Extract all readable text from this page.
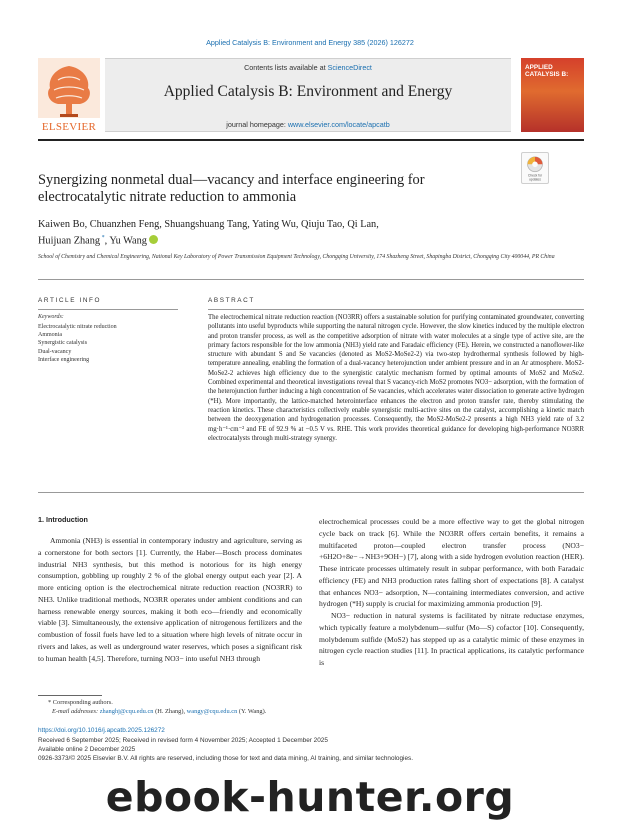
Applied Catalysis B: Environment and Energy 385 (2026) 126272
ELSEVIER
Contents lists available at ScienceDirect
Applied Catalysis B: Environment and Energy
journal homepage: www.elsevier.com/locate/apcatb
APPLIED CATALYSIS B:
Synergizing nonmetal dual—vacancy and interface engineering for
electrocatalytic nitrate reduction to ammonia
Check for
updates
Kaiwen Bo, Chuanzhen Feng, Shuangshuang Tang, Yating Wu, Qiuju Tao, Qi Lan,
Huijuan Zhang *, Yu Wang
School of Chemistry and Chemical Engineering, National Key Laboratory of Power Transmission Equipment Technology, Chongqing University, 174 Shazheng Street, Shapingba District, Chongqing City 400044, PR China
ARTICLE INFO	ABSTRACT
Keywords:
Electrocatalytic nitrate reduction
Ammonia
Synergistic catalysis
Dual-vacancy
Interface engineering
The electrochemical nitrate reduction reaction (NO3RR) offers a sustainable solution for purifying contaminated groundwater, converting pollutants into useful byproducts while supporting the natural nitrogen cycle. However, the slow kinetics induced by the multiple electron and proton transfer process, as well as the competitive adsorption of nitrate with water molecules at a single type of active site, are the primary factors responsible for the low ammonia (NH3) yield rate and Faradaic efficiency (FE). Herein, we constructed a nanoflower-like structure with abundant S and Se vacancies (denoted as MoS2-MoSe2-2) via two-step hydrothermal synthesis followed by high-temperature annealing, enabling the formation of a dual-vacancy heterojunction under ambient pressure and in an Ar atmosphere. MoS2-MoSe2-2 achieves high efficiency due to the synergistic catalytic mechanism formed by optimal amounts of MoS2 and MoSe2. Combined experimental and theoretical investigations reveal that S vacancy-rich MoS2 promotes NO3− adsorption, with the formation of the heterojunction further inducing a high concentration of Se vacancies, which accelerates water dissociation to generate active hydrogen (*H). More importantly, the lattice-matched heterointerface enhances the electron and proton transfer rate, thereby stimulating the reaction kinetics. These characteristics collectively enable synergistic multi-active sites on the catalyst, accomplishing a kinetic match between the deoxygenation and hydrogenation processes. Consequently, the MoS2-MoSe2-2 presents a high NH3 yield rate of 3.2 mg·h⁻¹·cm⁻² and FE of 92.9 % at −0.5 V vs. RHE. This work provides theoretical guidance for developing high-performance NO3RR electrocatalysts through multi-strategy synergy.
1. Introduction

Ammonia (NH3) is essential in contemporary industry and agriculture, serving as a cornerstone for both sectors [1]. Currently, the Haber—Bosch process dominates industrial NH3 synthesis, but this method is notorious for its high energy consumption, gobbling up roughly 2 % of the global energy output each year [2]. A more enticing option is the electrochemical nitrate reduction reaction (NO3RR) to NH3. Unlike traditional methods, NO3RR operates under ambient conditions and can harness renewable energy sources, making it both eco—friendly and economically viable [3]. Simultaneously, the extensive application of nitrogenous fertilizers and the combustion of fossil fuels have led to a situation where high levels of nitrate occur in rivers and lakes, as well as underground water reserves, which poses a significant risk to human health [4,5]. Therefore, turning NO3− into useful NH3 through

electrochemical processes could be a more effective way to get the global nitrogen cycle back on track [6]. While the NO3RR offers certain benefits, it remains a multifaceted proton—coupled electron transfer process (NO3−+6H2O+8e−→NH3+9OH−) [7], along with a side hydrogen evolution reaction (HER). These intricate processes ultimately result in subpar performance, with both Faradaic efficiency (FE) and NH3 production rates falling short of expectations [8]. A catalyst that enhances NO3− adsorption, N—containing intermediates conversion, and active hydrogen (*H) supply is crucial for maximizing ammonia production [9].

NO3− reduction in natural systems is facilitated by nitrate reductase enzymes, which typically feature a molybdenum—sulfur (Mo—S) cofactor [10]. Consequently, molybdenum sulfide (MoS2) has stepped up as a catalytic mimic of these enzymes in nitrogen cycle reaction studies [11]. In practical applications, its catalytic performance is

* Corresponding authors.
E-mail addresses: zhanghj@cqu.edu.cn (H. Zhang), wangy@cqu.edu.cn (Y. Wang).
https://doi.org/10.1016/j.apcatb.2025.126272
Received 6 September 2025; Received in revised form 4 November 2025; Accepted 1 December 2025
Available online 2 December 2025
0926-3373/© 2025 Elsevier B.V. All rights are reserved, including those for text and data mining, AI training, and similar technologies.
ebook-hunter.org
